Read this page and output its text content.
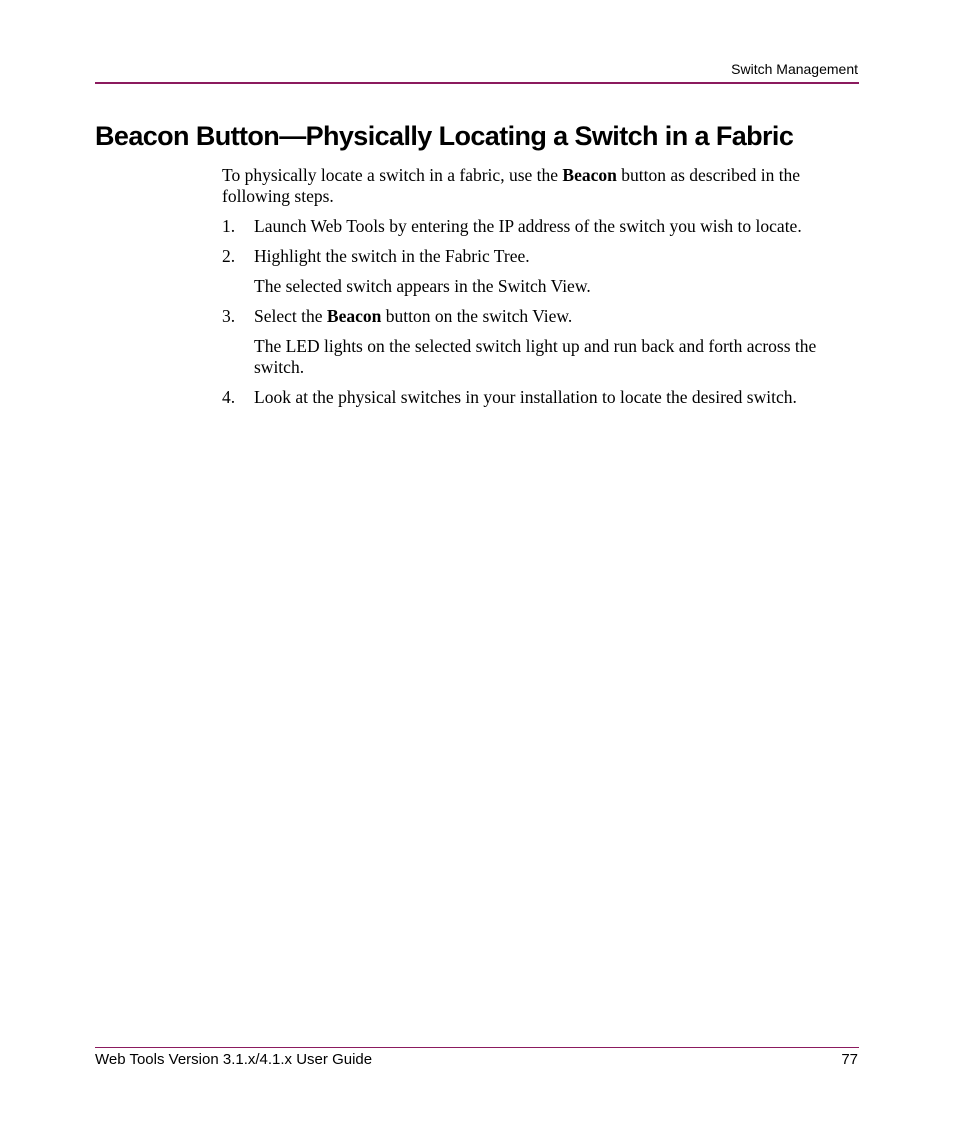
Switch Management
Beacon Button—Physically Locating a Switch in a Fabric

To physically locate a switch in a fabric, use the Beacon button as described in the following steps.

1.	Launch Web Tools by entering the IP address of the switch you wish to locate.

2.	Highlight the switch in the Fabric Tree.

The selected switch appears in the Switch View.

3.	Select the Beacon button on the switch View.

The LED lights on the selected switch light up and run back and forth across the switch.

4.	Look at the physical switches in your installation to locate the desired switch.

Web Tools Version 3.1.x/4.1.x User Guide	77
